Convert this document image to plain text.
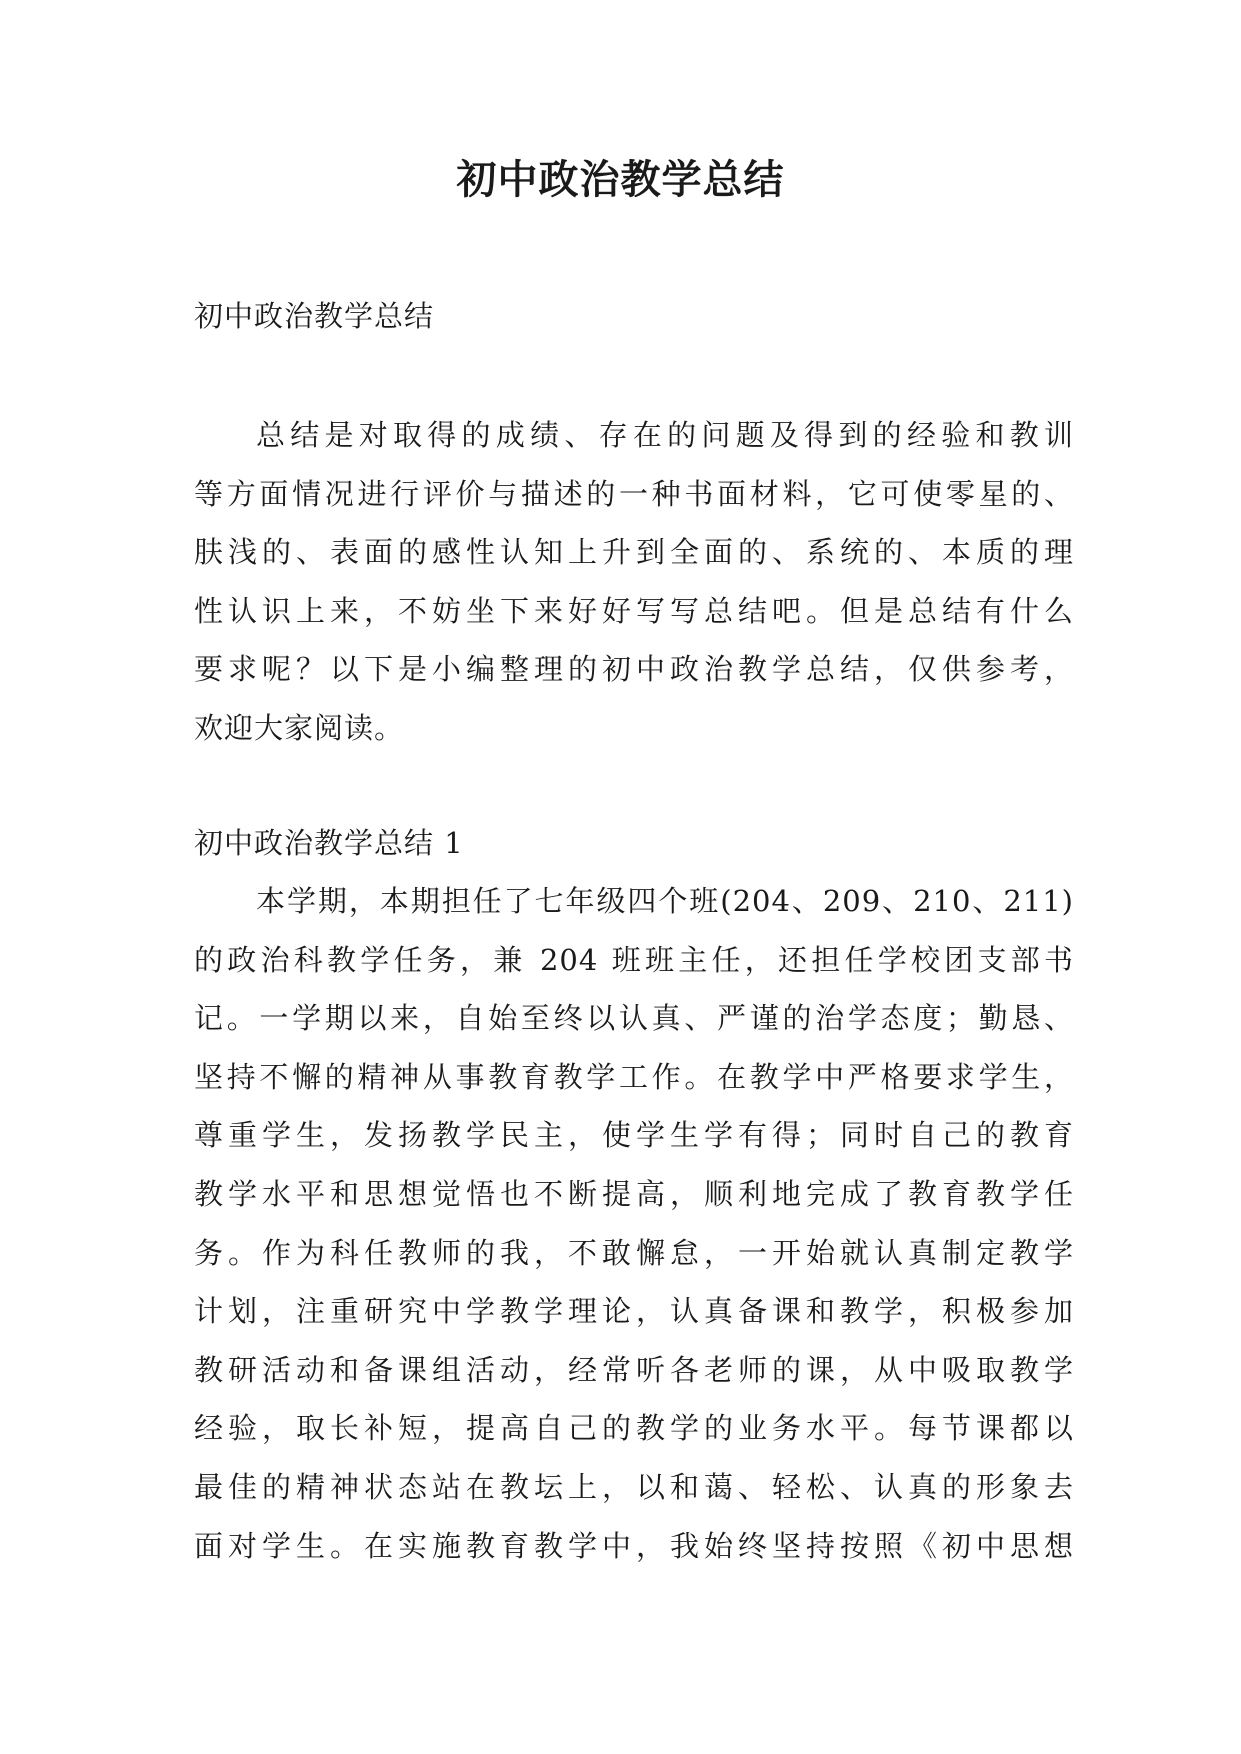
初中政治教学总结
初中政治教学总结
总结是对取得的成绩、存在的问题及得到的经验和教训
等方面情况进行评价与描述的一种书面材料，它可使零星的、
肤浅的、表面的感性认知上升到全面的、系统的、本质的理
性认识上来，不妨坐下来好好写写总结吧。但是总结有什么
要求呢？以下是小编整理的初中政治教学总结，仅供参考，
欢迎大家阅读。
初中政治教学总结 1
本学期，本期担任了七年级四个班(204、209、210、211)
的政治科教学任务，兼 204 班班主任，还担任学校团支部书
记。一学期以来，自始至终以认真、严谨的治学态度；勤恳、
坚持不懈的精神从事教育教学工作。在教学中严格要求学生，
尊重学生，发扬教学民主，使学生学有得；同时自己的教育
教学水平和思想觉悟也不断提高，顺利地完成了教育教学任
务。作为科任教师的我，不敢懈怠，一开始就认真制定教学
计划，注重研究中学教学理论，认真备课和教学，积极参加
教研活动和备课组活动，经常听各老师的课，从中吸取教学
经验，取长补短，提高自己的教学的业务水平。每节课都以
最佳的精神状态站在教坛上，以和蔼、轻松、认真的形象去
面对学生。在实施教育教学中，我始终坚持按照《初中思想
